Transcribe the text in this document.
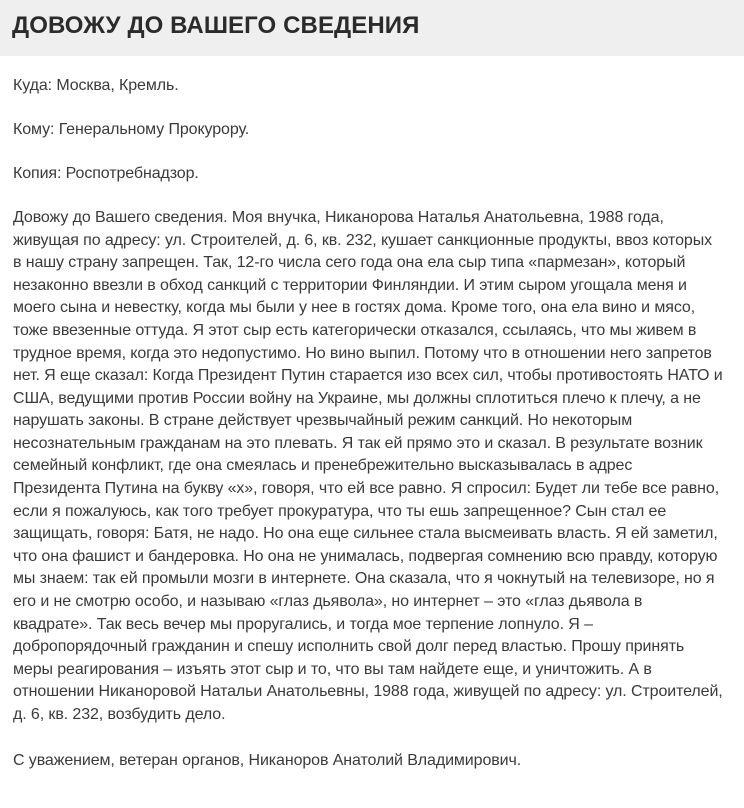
ДОВОЖУ ДО ВАШЕГО СВЕДЕНИЯ

Куда: Москва, Кремль.

Кому: Генеральному Прокурору.

Копия: Роспотребнадзор.

Довожу до Вашего сведения. Моя внучка, Никанорова Наталья Анатольевна, 1988 года,
живущая по адресу: ул. Строителей, д. 6, кв. 232, кушает санкционные продукты, ввоз которых
в нашу страну запрещен. Так, 12-го числа сего года она ела сыр типа «пармезан», который
незаконно ввезли в обход санкций с территории Финляндии. И этим сыром угощала меня и
моего сына и невестку, когда мы были у нее в гостях дома. Кроме того, она ела вино и мясо,
тоже ввезенные оттуда. Я этот сыр есть категорически отказался, ссылаясь, что мы живем в
трудное время, когда это недопустимо. Но вино выпил. Потому что в отношении него запретов
нет. Я еще сказал: Когда Президент Путин старается изо всех сил, чтобы противостоять НАТО и
США, ведущими против России войну на Украине, мы должны сплотиться плечо к плечу, а не
нарушать законы. В стране действует чрезвычайный режим санкций. Но некоторым
несознательным гражданам на это плевать. Я так ей прямо это и сказал. В результате возник
семейный конфликт, где она смеялась и пренебрежительно высказывалась в адрес
Президента Путина на букву «х», говоря, что ей все равно. Я спросил: Будет ли тебе все равно,
если я пожалуюсь, как того требует прокуратура, что ты ешь запрещенное? Сын стал ее
защищать, говоря: Батя, не надо. Но она еще сильнее стала высмеивать власть. Я ей заметил,
что она фашист и бандеровка. Но она не унималась, подвергая сомнению всю правду, которую
мы знаем: так ей промыли мозги в интернете. Она сказала, что я чокнутый на телевизоре, но я
его и не смотрю особо, и называю «глаз дьявола», но интернет – это «глаз дьявола в
квадрате». Так весь вечер мы проругались, и тогда мое терпение лопнуло. Я –
добропорядочный гражданин и спешу исполнить свой долг перед властью. Прошу принять
меры реагирования – изъять этот сыр и то, что вы там найдете еще, и уничтожить. А в
отношении Никаноровой Натальи Анатольевны, 1988 года, живущей по адресу: ул. Строителей,
д. 6, кв. 232, возбудить дело.

С уважением, ветеран органов, Никаноров Анатолий Владимирович.
